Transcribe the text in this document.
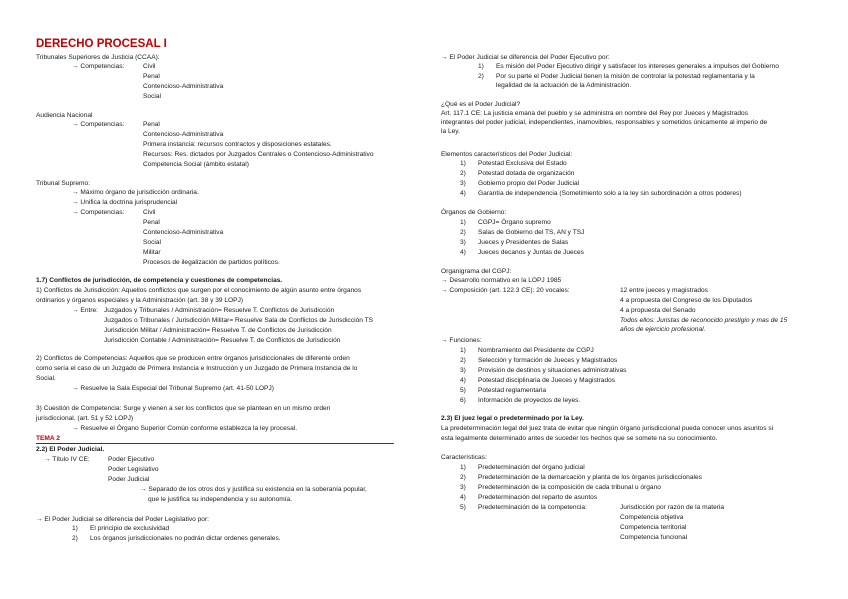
DERECHO PROCESAL I
Tribunales Superiores de Justicia (CCAA):
→ Competencias:	Civil
Penal
Contencioso-Administrativa
Social
Audiencia Nacional
→ Competencias:	Penal
Contencioso-Administrativa
Primera instancia: recursos contractos y disposiciones estatales.
Recursos: Res. dictados por Juzgados Centrales o Contencioso-Administrativo
Competencia Social (ámbito estatal)
Tribunal Supremo:
→ Máximo órgano de jurisdicción ordinaria.
→ Unifica la doctrina jurisprudencial
→ Competencias:	Civil
Penal
Contencioso-Administrativa
Social
Militar
Procesos de ilegalización de partidos políticos.
1.7) Conflictos de jurisdicción, de competencia y cuestiones de competencias.
1) Conflictos de Jurisdicción: Aquellos conflictos que surgen por el conocimiento de algún asunto entre órganos
ordinarios y órganos especiales y la Administración (art. 38 y 39 LOPJ)
→ Entre: Juzgados y Tribunales / Administración= Resuelve T. Conflictos de Jurisdicción
Juzgados o Tribunales / Jurisdicción Militar= Resuelve Sala de Conflictos de Jurisdicción TS
Jurisdicción Militar / Administración= Resuelve T. de Conflictos de Jurisdicción
Jurisdicción Contable / Administración= Resuelve T. de Conflictos de Jurisdicción
2) Conflictos de Competencias: Aquellos que se producen entre órganos jurisdiccionales de diferente orden
como sería el caso de un Juzgado de Primera Instancia e Instrucción y un Juzgado de Primera Instancia de lo
Social.
→ Resuelve la Sala Especial del Tribunal Supremo (art. 41-50 LOPJ)
3) Cuestión de Competencia: Surge y vienen a ser los conflictos que se plantean en un mismo orden
jurisdiccional. (art. 51 y 52 LOPJ)
→ Resuelve el Órgano Superior Común conforme establezca la ley procesal.
TEMA 2
2.2) El Poder Judicial.
→ Título IV CE:	Poder Ejecutivo
Poder Legislativo
Poder Judicial
→ Separado de los otros dos y justifica su existencia en la soberanía popular,
que le justifica su independencia y su autonomía.
→ El Poder Judicial se diferencia del Poder Legislativo por:
1) El principio de exclusividad
2) Los órganos jurisdiccionales no podrán dictar ordenes generales.
→ El Poder Judicial se diferencia del Poder Ejecutivo por:
1) Es misión del Poder Ejecutivo dirigir y satisfacer los intereses generales a impulsos del Gobierno
2) Por su parte el Poder Judicial tienen la misión de controlar la potestad reglamentaria y la
legalidad de la actuación de la Administración.
¿Qué es el Poder Judicial?
Art. 117.1 CE: La justicia emana del pueblo y se administra en nombre del Rey por Jueces y Magistrados
integrantes del poder judicial, independientes, inamovibles, responsables y sometidos únicamente al imperio de
la Ley.
Elementos característicos del Poder Judicial:
1) Potestad Exclusiva del Estado
2) Potestad dotada de organización
3) Gobierno propio del Poder Judicial
4) Garantía de independencia (Sometimiento solo a la ley sin subordinación a otros poderes)
Órganos de Gobierno:
1) CGPJ= Órgano supremo
2) Salas de Gobierno del TS, AN y TSJ
3) Jueces y Presidentes de Salas
4) Jueces decanos y Juntas de Jueces
Organigrama del CGPJ:
→ Desarrollo normativo en la LOPJ 1985
→ Composición (art. 122.3 CE): 20 vocales:	12 entre jueces y magistrados
4 a propuesta del Congreso de los Diputados
4 a propuesta del Senado
Todos ellos: Juristas de reconocido prestigio y mas de 15
años de ejercicio profesional.
→ Funciones:
1) Nombramiento del Presidente de CGPJ
2) Selección y formación de Jueces y Magistrados
3) Provisión de destinos y situaciones administrativas
4) Potestad disciplinaria de Jueces y Magistrados
5) Potestad reglamentaria
6) Información de proyectos de leyes.
2.3) El juez legal o predeterminado por la Ley.
La predeterminación legal del juez trata de evitar que ningún órgano jurisdiccional pueda conocer unos asuntos si
esta legalmente determinado antes de suceder los hechos que se somete na su conocimiento.
Características:
1) Predeterminación del órgano judicial
2) Predeterminación de la demarcación y planta de los órganos jurisdiccionales
3) Predeterminación de la composición de cada tribunal u órgano
4) Predeterminación del reparto de asuntos
5) Predeterminación de la competencia:	Jurisdicción por razón de la materia
Competencia objetiva
Competencia territorial
Competencia funcional
